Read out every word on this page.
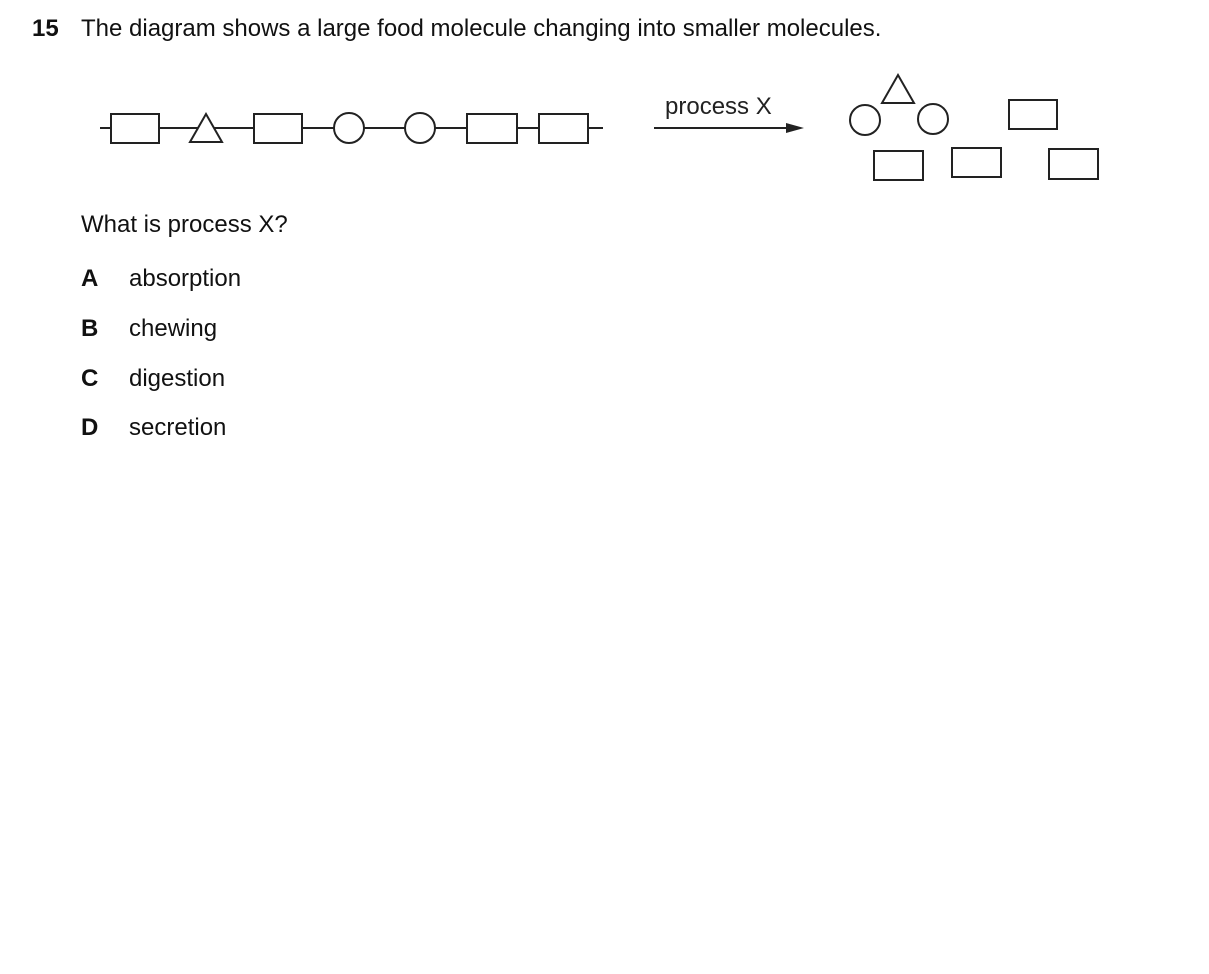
15 The diagram shows a large food molecule changing into smaller molecules.
process X
What is process X?
A absorption
B chewing
C digestion
D secretion
